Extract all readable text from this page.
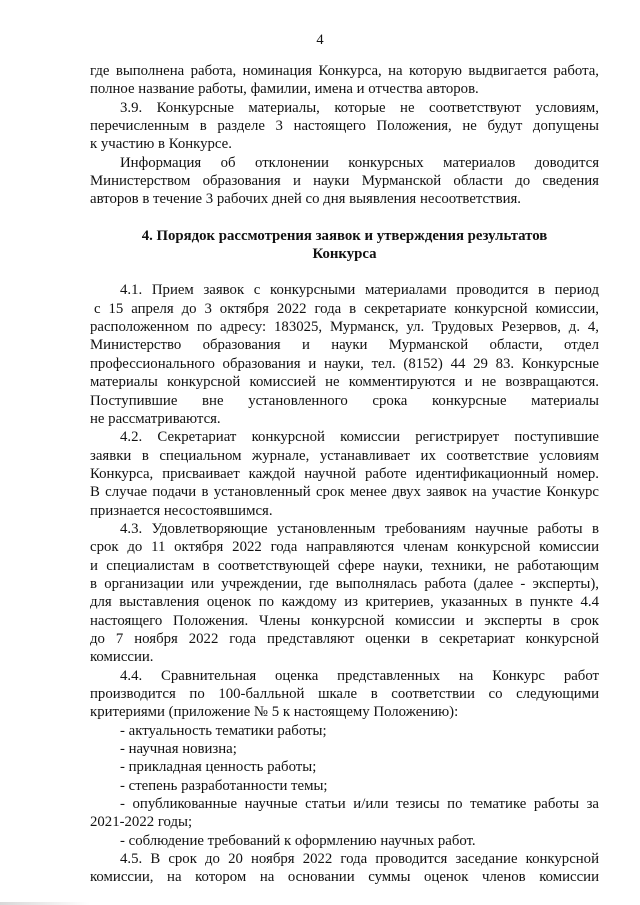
4

где выполнена работа, номинация Конкурса, на которую выдвигается работа,
полное название работы, фамилии, имена и отчества авторов.

3.9. Конкурсные материалы, которые не соответствуют условиям,
перечисленным в разделе 3 настоящего Положения, не будут допущены
к участию в Конкурсе.

Информация об отклонении конкурсных материалов доводится
Министерством образования и науки Мурманской области до сведения
авторов в течение 3 рабочих дней со дня выявления несоответствия.

4. Порядок рассмотрения заявок и утверждения результатов
Конкурса

4.1. Прием заявок с конкурсными материалами проводится в период
с 15 апреля до 3 октября 2022 года в секретариате конкурсной комиссии,
расположенном по адресу: 183025, Мурманск, ул. Трудовых Резервов, д. 4,
Министерство образования и науки Мурманской области, отдел
профессионального образования и науки, тел. (8152) 44 29 83. Конкурсные
материалы конкурсной комиссией не комментируются и не возвращаются.
Поступившие вне установленного срока конкурсные материалы
не рассматриваются.

4.2. Секретариат конкурсной комиссии регистрирует поступившие
заявки в специальном журнале, устанавливает их соответствие условиям
Конкурса, присваивает каждой научной работе идентификационный номер.
В случае подачи в установленный срок менее двух заявок на участие Конкурс
признается несостоявшимся.

4.3. Удовлетворяющие установленным требованиям научные работы в
срок до 11 октября 2022 года направляются членам конкурсной комиссии
и специалистам в соответствующей сфере науки, техники, не работающим
в организации или учреждении, где выполнялась работа (далее - эксперты),
для выставления оценок по каждому из критериев, указанных в пункте 4.4
настоящего Положения. Члены конкурсной комиссии и эксперты в срок
до 7 ноября 2022 года представляют оценки в секретариат конкурсной
комиссии.

4.4. Сравнительная оценка представленных на Конкурс работ
производится по 100-балльной шкале в соответствии со следующими
критериями (приложение № 5 к настоящему Положению):

- актуальность тематики работы;
- научная новизна;
- прикладная ценность работы;
- степень разработанности темы;

- опубликованные научные статьи и/или тезисы по тематике работы за
2021-2022 годы;

- соблюдение требований к оформлению научных работ.

4.5. В срок до 20 ноября 2022 года проводится заседание конкурсной
комиссии, на котором на основании суммы оценок членов комиссии
